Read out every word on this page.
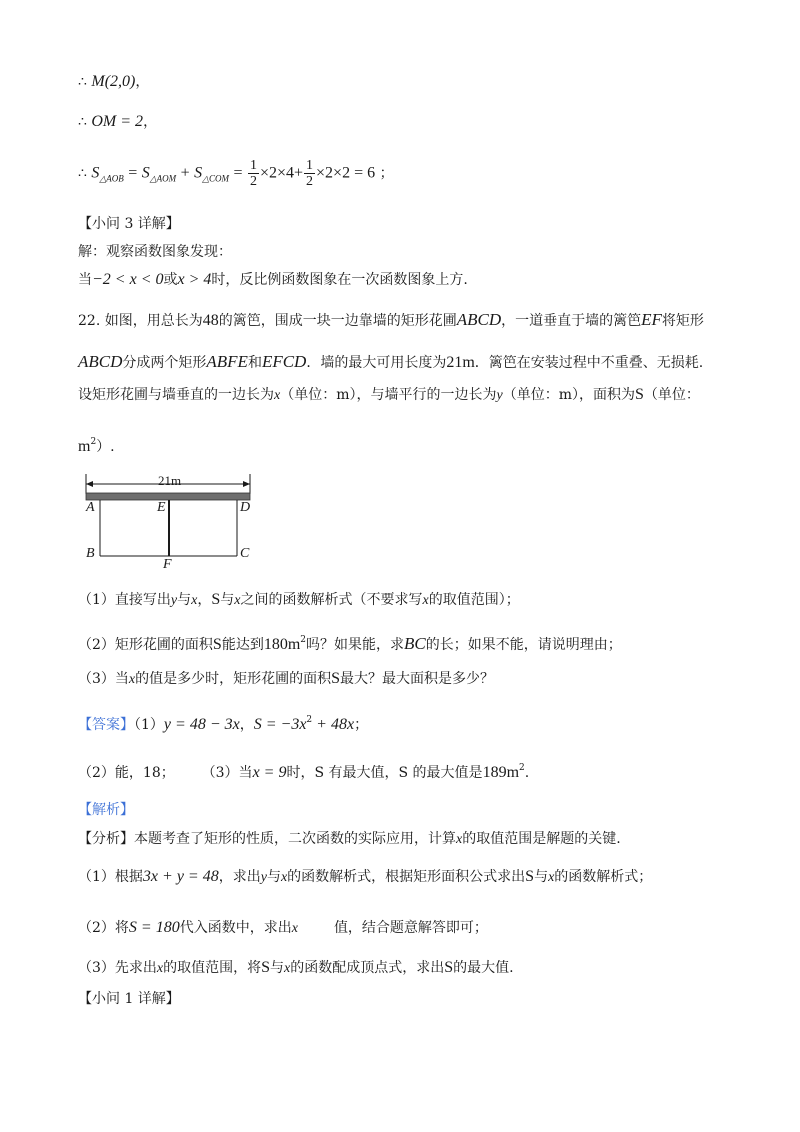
∴ M(2,0)，
∴ OM = 2，
∴ $S_{\triangle AOB} = S_{\triangle AOM} + S_{\triangle COM} = \frac{1}{2} \times 2\times 4+ \frac{1}{2} \times 2\times 2 = 6$ ；
【小问 3 详解】
解：观察函数图象发现：
当−2 < x < 0或x > 4时，反比例函数图象在一次函数图象上方.
22. 如图，用总长为48的篱笆，围成一块一边靠墙的矩形花圃ABCD，一道垂直于墙的篱笆EF将矩形
ABCD分成两个矩形ABFE和EFCD．墙的最大可用长度为21m．篱笆在安装过程中不重叠、无损耗.
设矩形花圃与墙垂直的一边长为x（单位：m），与墙平行的一边长为y（单位：m），面积为S（单位：
$m^2$）.
21m
A	E	D
B
F
C
（1）直接写出y与x，S与x之间的函数解析式（不要求写x的取值范围）；
（2）矩形花圃的面积S能达到$180m^2$吗？如果能，求BC的长；如果不能，请说明理由；
（3）当x的值是多少时，矩形花圃的面积S最大？最大面积是多少？
【答案】（1）y = 48 − 3x，$S = -3x^2 + 48x$；
（2）能，18； （3）当x = 9时，S 有最大值，S 的最大值是$189m^2$.
【解析】
【分析】本题考查了矩形的性质，二次函数的实际应用，计算x的取值范围是解题的关键.
（1）根据3x + y = 48，求出y与x的函数解析式，根据矩形面积公式求出S与x的函数解析式；
（2）将S = 180代入函数中，求出x	值，结合题意解答即可；
（3）先求出x的取值范围，将S与x的函数配成顶点式，求出S的最大值.
【小问 1 详解】
